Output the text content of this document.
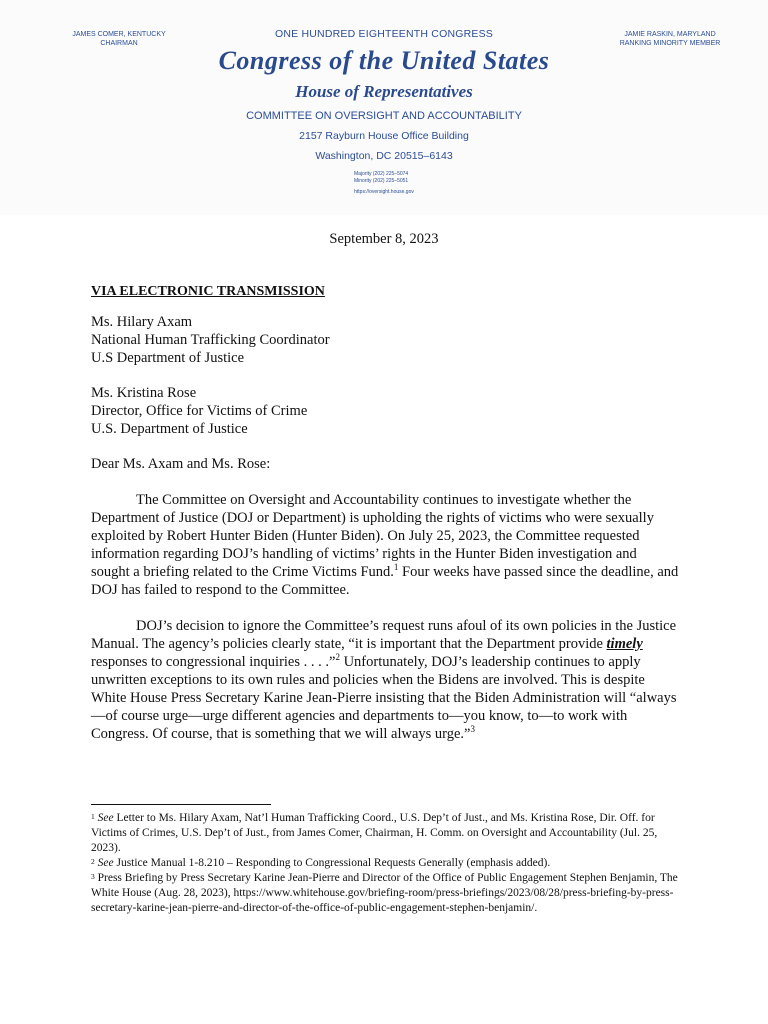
JAMES COMER, KENTUCKY
CHAIRMAN
JAMIE RASKIN, MARYLAND
RANKING MINORITY MEMBER
ONE HUNDRED EIGHTEENTH CONGRESS
Congress of the United States
House of Representatives
COMMITTEE ON OVERSIGHT AND ACCOUNTABILITY
2157 Rayburn House Office Building
Washington, DC 20515–6143
Majority (202) 225–5074
Minority (202) 225–5051
https://oversight.house.gov
September 8, 2023
VIA ELECTRONIC TRANSMISSION
Ms. Hilary Axam
National Human Trafficking Coordinator
U.S Department of Justice
Ms. Kristina Rose
Director, Office for Victims of Crime
U.S. Department of Justice
Dear Ms. Axam and Ms. Rose:
The Committee on Oversight and Accountability continues to investigate whether the Department of Justice (DOJ or Department) is upholding the rights of victims who were sexually exploited by Robert Hunter Biden (Hunter Biden). On July 25, 2023, the Committee requested information regarding DOJ’s handling of victims’ rights in the Hunter Biden investigation and sought a briefing related to the Crime Victims Fund.$^1$ Four weeks have passed since the deadline, and DOJ has failed to respond to the Committee.
DOJ’s decision to ignore the Committee’s request runs afoul of its own policies in the Justice Manual. The agency’s policies clearly state, “it is important that the Department provide timely responses to congressional inquiries . . . .”$^2$ Unfortunately, DOJ’s leadership continues to apply unwritten exceptions to its own rules and policies when the Bidens are involved. This is despite White House Press Secretary Karine Jean-Pierre insisting that the Biden Administration will “always—of course urge—urge different agencies and departments to—you know, to—to work with Congress. Of course, that is something that we will always urge.”$^3$
$^1$ See Letter to Ms. Hilary Axam, Nat’l Human Trafficking Coord., U.S. Dep’t of Just., and Ms. Kristina Rose, Dir. Off. for Victims of Crimes, U.S. Dep’t of Just., from James Comer, Chairman, H. Comm. on Oversight and Accountability (Jul. 25, 2023).
$^2$ See Justice Manual 1-8.210 – Responding to Congressional Requests Generally (emphasis added).
$^3$ Press Briefing by Press Secretary Karine Jean-Pierre and Director of the Office of Public Engagement Stephen Benjamin, The White House (Aug. 28, 2023), https://www.whitehouse.gov/briefing-room/press-briefings/2023/08/28/press-briefing-by-press-secretary-karine-jean-pierre-and-director-of-the-office-of-public-engagement-stephen-benjamin/.
